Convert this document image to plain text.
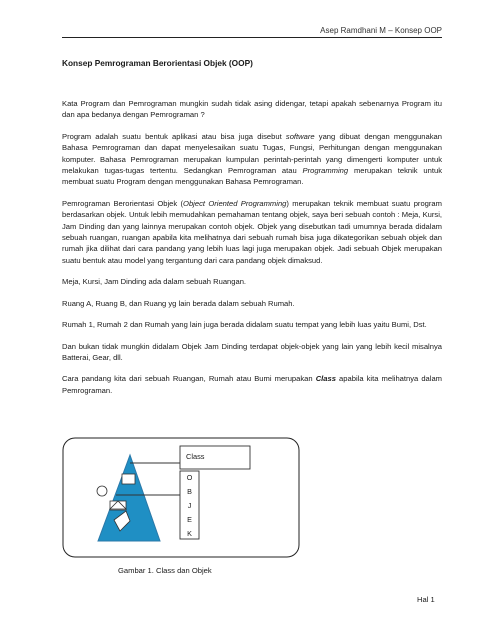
Asep Ramdhani M – Konsep OOP
Konsep Pemrograman Berorientasi Objek (OOP)

Kata Program dan Pemrograman mungkin sudah tidak asing didengar, tetapi apakah sebenarnya Program itu dan apa bedanya dengan Pemrograman ?

Program adalah suatu bentuk aplikasi atau bisa juga disebut software yang dibuat dengan menggunakan Bahasa Pemrograman dan dapat menyelesaikan suatu Tugas, Fungsi, Perhitungan dengan menggunakan komputer. Bahasa Pemrograman merupakan kumpulan perintah-perintah yang dimengerti komputer untuk melakukan tugas-tugas tertentu. Sedangkan Pemrograman atau Programming merupakan teknik untuk membuat suatu Program dengan menggunakan Bahasa Pemrograman.

Pemrograman Berorientasi Objek (Object Oriented Programming) merupakan teknik membuat suatu program berdasarkan objek. Untuk lebih memudahkan pemahaman tentang objek, saya beri sebuah contoh : Meja, Kursi, Jam Dinding dan yang lainnya merupakan contoh objek. Objek yang disebutkan tadi umumnya berada didalam sebuah ruangan, ruangan apabila kita melihatnya dari sebuah rumah bisa juga dikategorikan sebuah objek dan rumah jika dilihat dari cara pandang yang lebih luas lagi juga merupakan objek. Jadi sebuah Objek merupakan suatu bentuk atau model yang tergantung dari cara pandang objek dimaksud.

Meja, Kursi, Jam Dinding ada dalam sebuah Ruangan.

Ruang A, Ruang B, dan Ruang yg lain berada dalam sebuah Rumah.

Rumah 1, Rumah 2 dan Rumah yang lain juga berada didalam suatu tempat yang lebih luas yaitu Bumi, Dst.

Dan bukan tidak mungkin didalam Objek Jam Dinding terdapat objek-objek yang lain yang lebih kecil misalnya Batterai, Gear, dll.

Cara pandang kita dari sebuah Ruangan, Rumah atau Bumi merupakan Class apabila kita melihatnya dalam Pemrograman.

Class
O
B
J
E
K
Gambar 1. Class dan Objek
Hal 1
